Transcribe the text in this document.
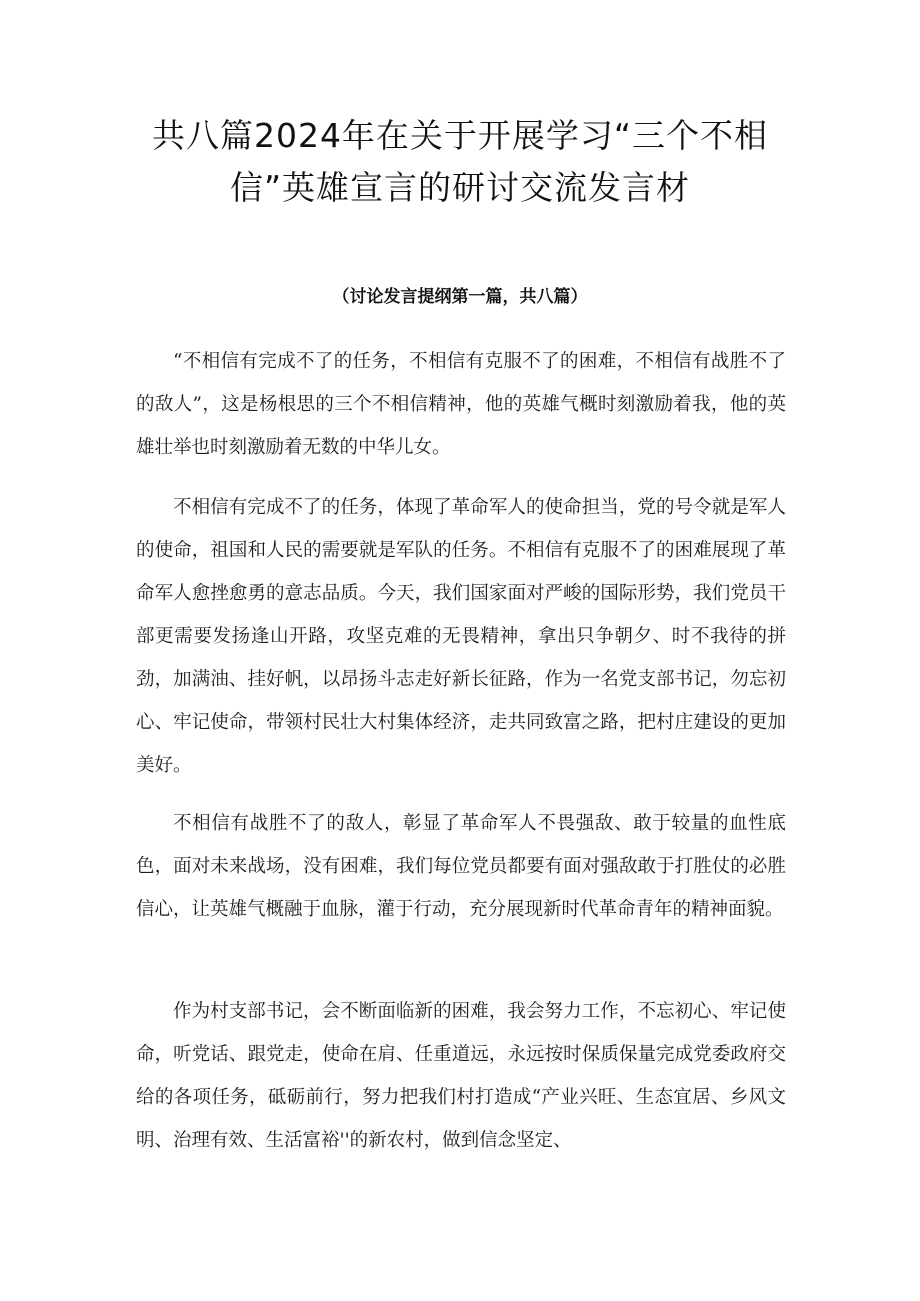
共八篇2024年在关于开展学习“三个不相信”英雄宣言的研讨交流发言材
（讨论发言提纲第一篇，共八篇）

“不相信有完成不了的任务，不相信有克服不了的困难，不相信有战胜不了的敌人”，这是杨根思的三个不相信精神，他的英雄气概时刻激励着我，他的英雄壮举也时刻激励着无数的中华儿女。

不相信有完成不了的任务，体现了革命军人的使命担当，党的号令就是军人的使命，祖国和人民的需要就是军队的任务。不相信有克服不了的困难展现了革命军人愈挫愈勇的意志品质。今天，我们国家面对严峻的国际形势，我们党员干部更需要发扬逢山开路，攻坚克难的无畏精神，拿出只争朝夕、时不我待的拼劲，加满油、挂好帆，以昂扬斗志走好新长征路，作为一名党支部书记，勿忘初心、牢记使命，带领村民壮大村集体经济，走共同致富之路，把村庄建设的更加美好。

不相信有战胜不了的敌人，彰显了革命军人不畏强敌、敢于较量的血性底色，面对未来战场，没有困难，我们每位党员都要有面对强敌敢于打胜仗的必胜信心，让英雄气概融于血脉，灌于行动，充分展现新时代革命青年的精神面貌。

作为村支部书记，会不断面临新的困难，我会努力工作，不忘初心、牢记使命，听党话、跟党走，使命在肩、任重道远，永远按时保质保量完成党委政府交给的各项任务，砥砺前行，努力把我们村打造成“产业兴旺、生态宜居、乡风文明、治理有效、生活富裕''的新农村，做到信念坚定、
